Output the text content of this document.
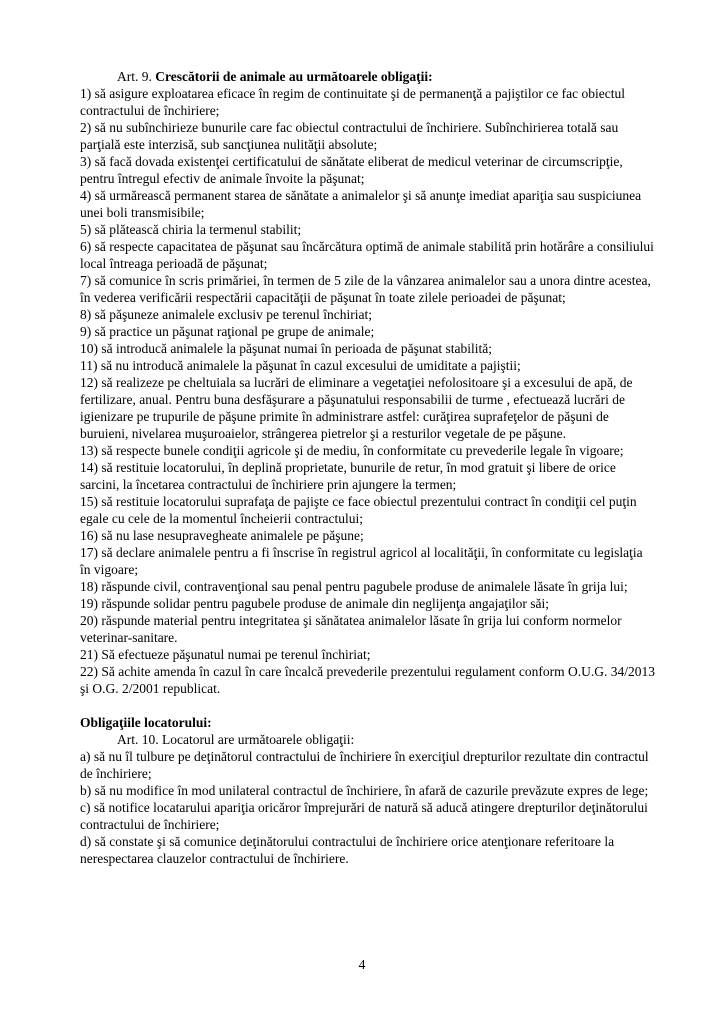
Art. 9. Crescătorii de animale au următoarele obligaţii:

1) să asigure exploatarea eficace în regim de continuitate şi de permanenţă a pajiştilor ce fac obiectul contractului de închiriere;

2) să nu subînchirieze bunurile care fac obiectul contractului de închiriere. Subînchirierea totală sau parţială este interzisă, sub sancţiunea nulităţii absolute;

3) să facă dovada existenţei certificatului de sănătate eliberat de medicul veterinar de circumscripţie, pentru întregul efectiv de animale învoite la păşunat;

4) să urmărească permanent starea de sănătate a animalelor şi să anunţe imediat apariţia sau suspiciunea unei boli transmisibile;

5) să plătească chiria la termenul stabilit;

6) să respecte capacitatea de păşunat sau încărcătura optimă de animale stabilită prin hotărâre a consiliului local întreaga perioadă de păşunat;

7) să comunice în scris primăriei, în termen de 5 zile de la vânzarea animalelor sau a unora dintre acestea, în vederea verificării respectării capacităţii de păşunat în toate zilele perioadei de păşunat;

8) să păşuneze animalele exclusiv pe terenul închiriat;

9) să practice un păşunat raţional pe grupe de animale;

10) să introducă animalele la păşunat numai în perioada de păşunat stabilită;

11) să nu introducă animalele la păşunat în cazul excesului de umiditate a pajiştii;

12) să realizeze pe cheltuiala sa lucrări de eliminare a vegetaţiei nefolositoare şi a excesului de apă, de fertilizare, anual. Pentru buna desfăşurare a păşunatului responsabilii de turme , efectuează lucrări de igienizare pe trupurile de păşune primite în administrare astfel: curăţirea suprafeţelor de păşuni de buruieni, nivelarea muşuroaielor, strângerea pietrelor şi a resturilor vegetale de pe păşune.

13) să respecte bunele condiţii agricole şi de mediu, în conformitate cu prevederile legale în vigoare;

14) să restituie locatorului, în deplină proprietate, bunurile de retur, în mod gratuit şi libere de orice sarcini, la încetarea contractului de închiriere prin ajungere la termen;

15) să restituie locatorului suprafaţa de pajişte ce face obiectul prezentului contract în condiţii cel puţin egale cu cele de la momentul încheierii contractului;

16) să nu lase nesupravegheate animalele pe păşune;

17) să declare animalele pentru a fi înscrise în registrul agricol al localităţii, în conformitate cu legislaţia în vigoare;

18) răspunde civil, contravenţional sau penal pentru pagubele produse de animalele lăsate în grija lui;

19) răspunde solidar pentru pagubele produse de animale din neglijenţa angajaţilor săi;

20) răspunde material pentru integritatea şi sănătatea animalelor lăsate în grija lui conform normelor veterinar-sanitare.

21) Să efectueze păşunatul numai pe terenul închiriat;

22) Să achite amenda în cazul în care încalcă prevederile prezentului regulament conform O.U.G. 34/2013 şi O.G. 2/2001 republicat.

Obligaţiile locatorului:

Art. 10. Locatorul are următoarele obligaţii:

a) să nu îl tulbure pe deţinătorul contractului de închiriere în exerciţiul drepturilor rezultate din contractul de închiriere;

b) să nu modifice în mod unilateral contractul de închiriere, în afară de cazurile prevăzute expres de lege;

c) să notifice locatarului apariţia oricăror împrejurări de natură să aducă atingere drepturilor deţinătorului contractului de închiriere;

d) să constate şi să comunice deţinătorului contractului de închiriere orice atenţionare referitoare la nerespectarea clauzelor contractului de închiriere.

4
